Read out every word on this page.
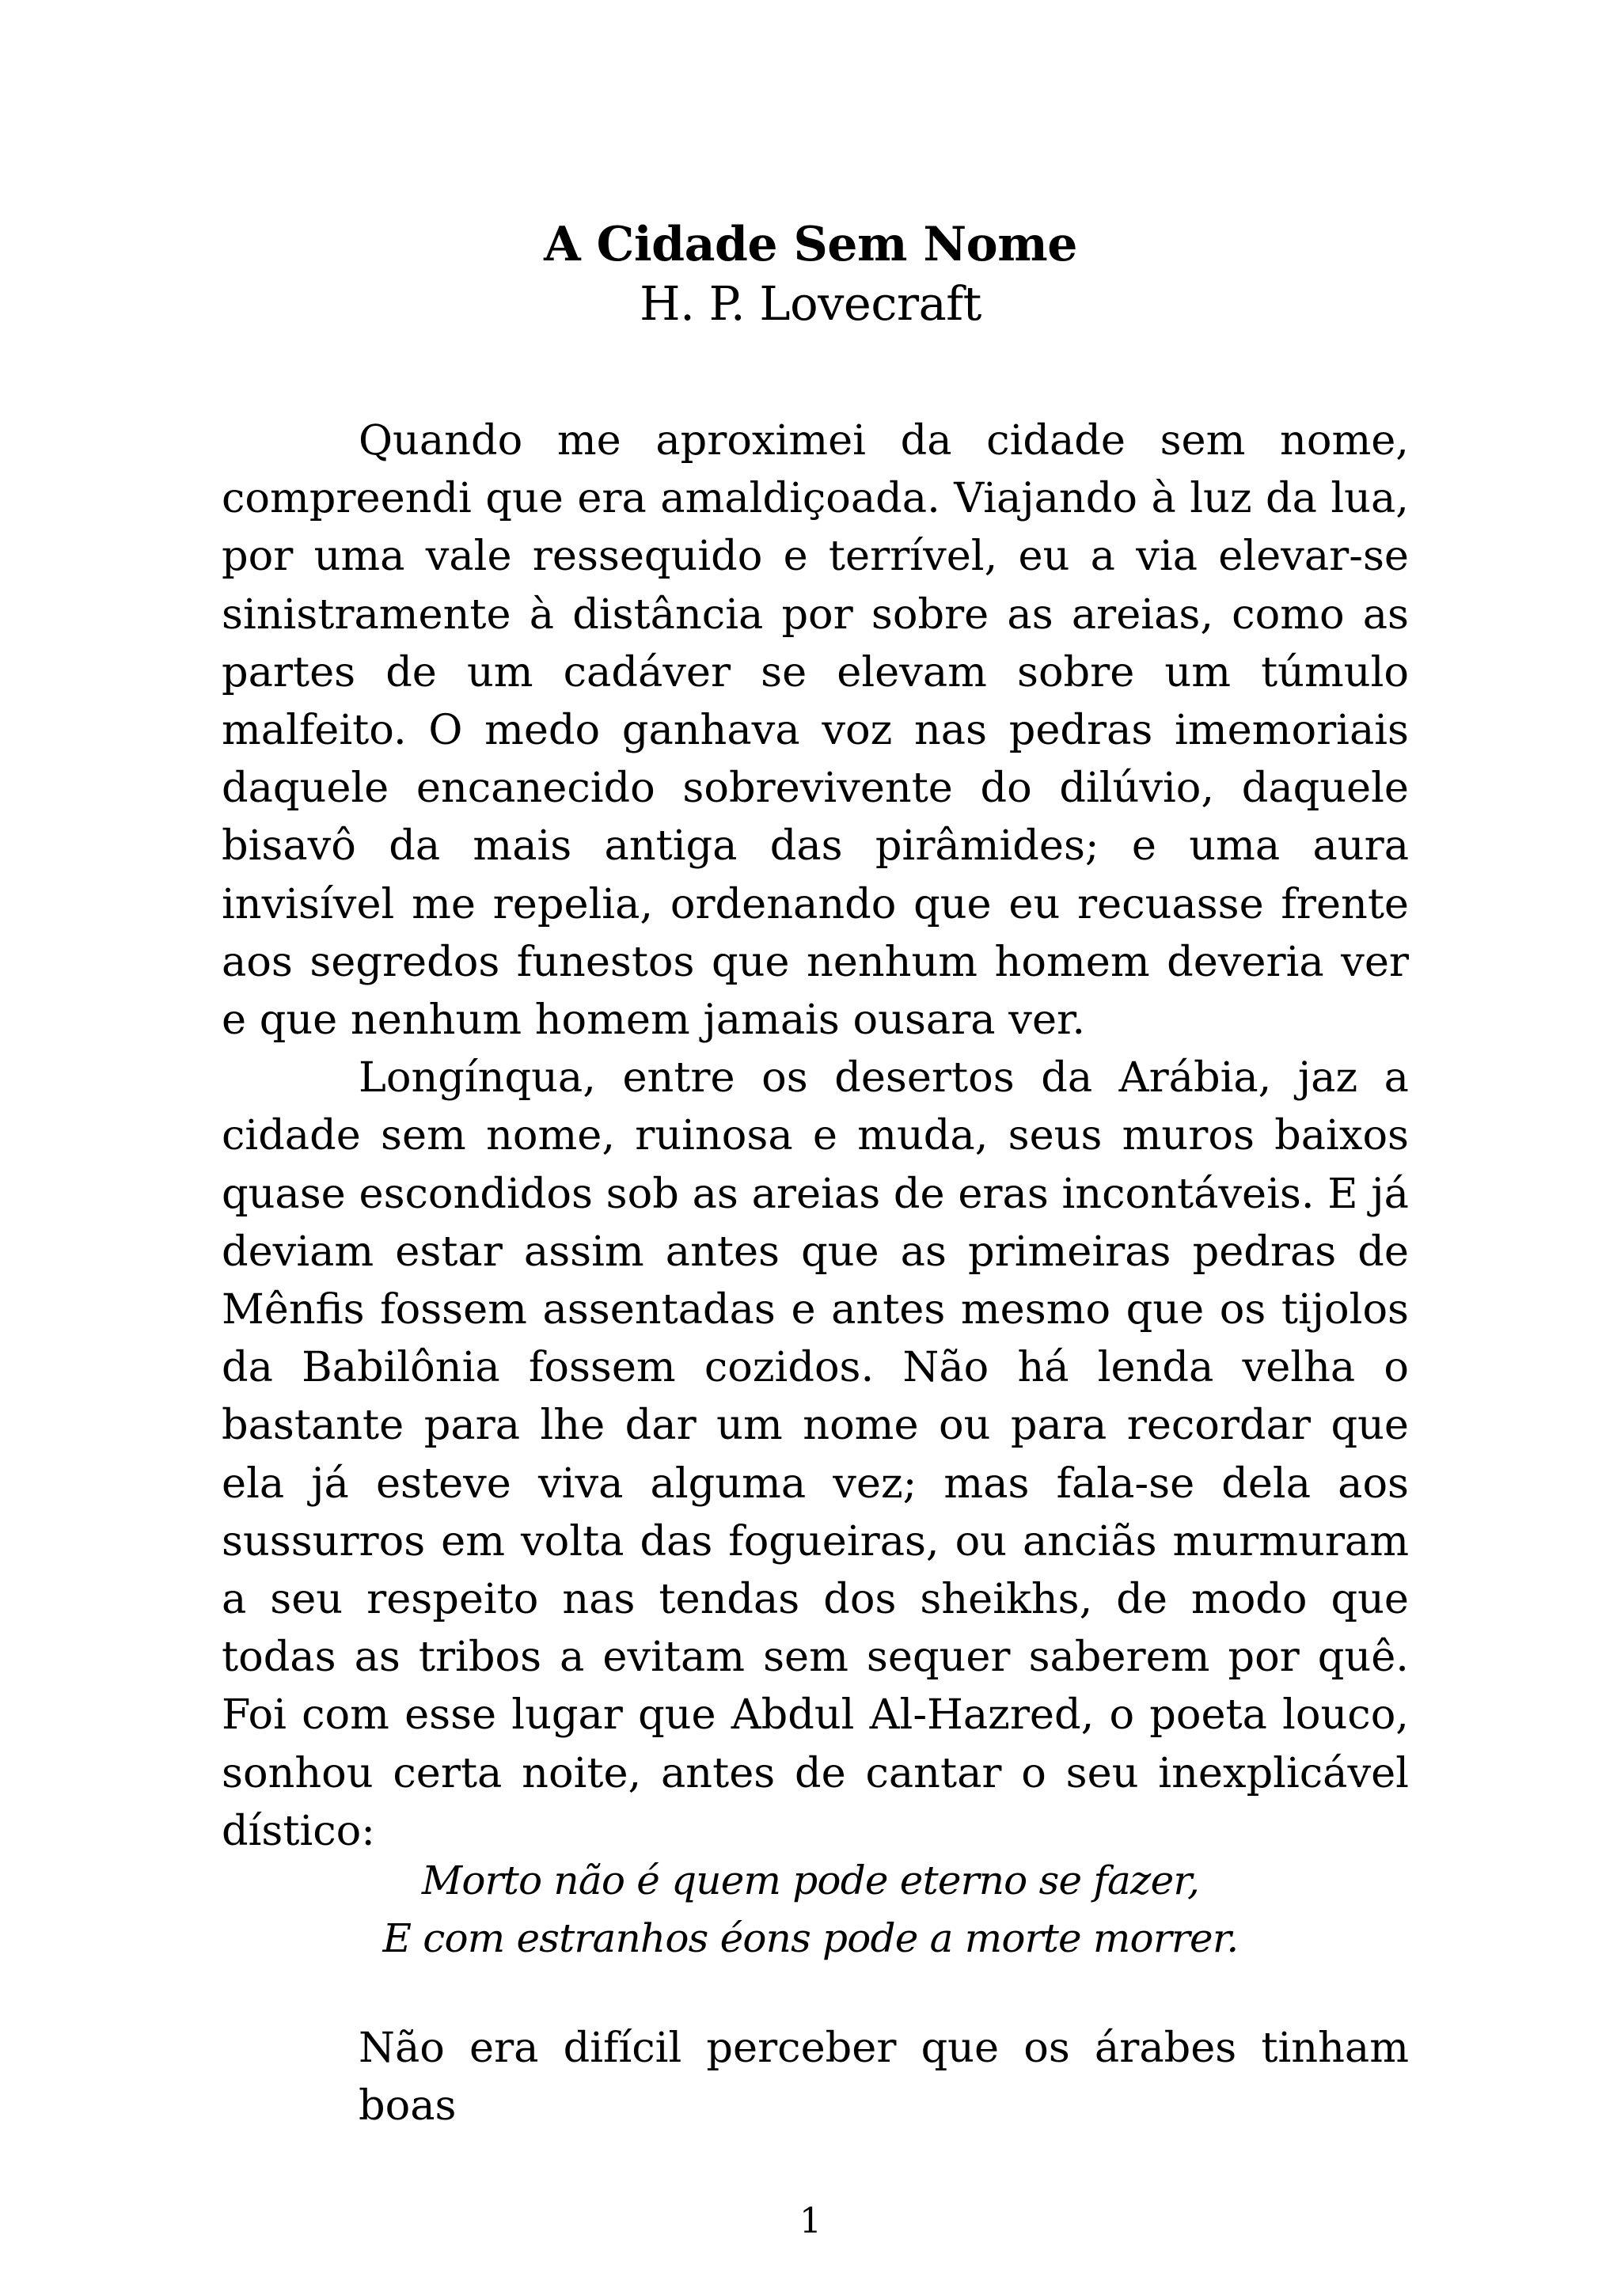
A Cidade Sem Nome
H. P. Lovecraft

Quando me aproximei da cidade sem nome, compreendi que era amaldiçoada. Viajando à luz da lua, por uma vale ressequido e terrível, eu a via elevar-se sinistramente à distância por sobre as areias, como as partes de um cadáver se elevam sobre um túmulo malfeito. O medo ganhava voz nas pedras imemoriais daquele encanecido sobrevivente do dilúvio, daquele bisavô da mais antiga das pirâmides; e uma aura invisível me repelia, ordenando que eu recuasse frente aos segredos funestos que nenhum homem deveria ver e que nenhum homem jamais ousara ver.

Longínqua, entre os desertos da Arábia, jaz a cidade sem nome, ruinosa e muda, seus muros baixos quase escondidos sob as areias de eras incontáveis. E já deviam estar assim antes que as primeiras pedras de Mênfis fossem assentadas e antes mesmo que os tijolos da Babilônia fossem cozidos. Não há lenda velha o bastante para lhe dar um nome ou para recordar que ela já esteve viva alguma vez; mas fala-se dela aos sussurros em volta das fogueiras, ou anciãs murmuram a seu respeito nas tendas dos sheikhs, de modo que todas as tribos a evitam sem sequer saberem por quê. Foi com esse lugar que Abdul Al-Hazred, o poeta louco, sonhou certa noite, antes de cantar o seu inexplicável dístico:

Morto não é quem pode eterno se fazer,
E com estranhos éons pode a morte morrer.
Não era difícil perceber que os árabes tinham boas
1
